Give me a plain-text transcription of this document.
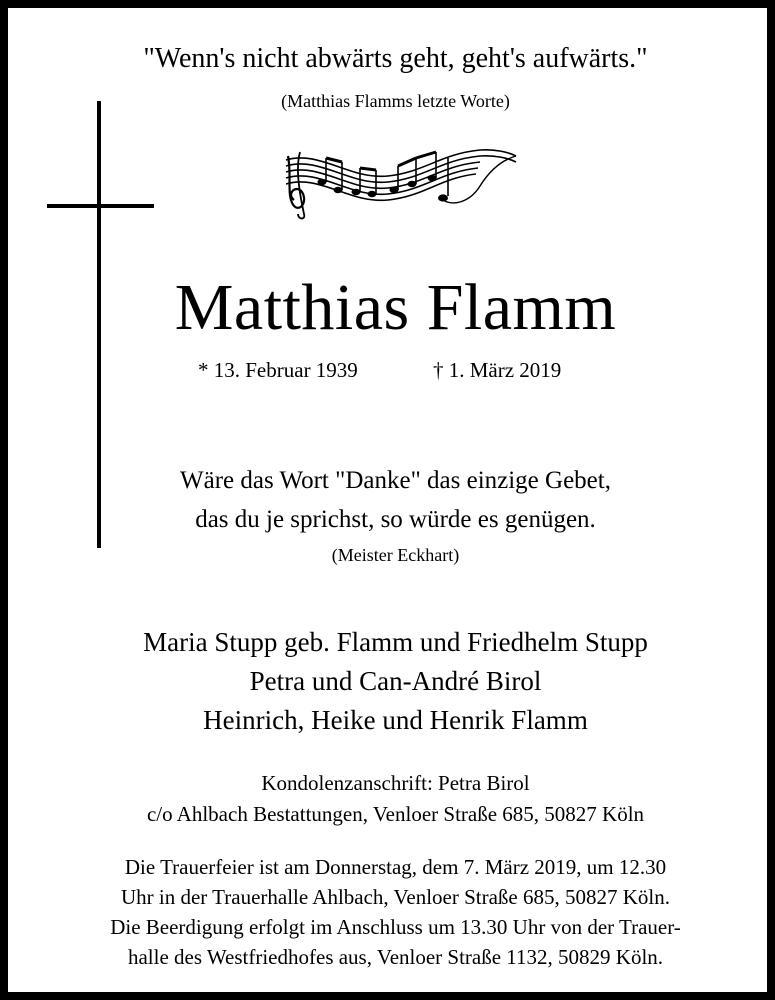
"Wenn's nicht abwärts geht, geht's aufwärts."
(Matthias Flamms letzte Worte)
Matthias Flamm
* 13. Februar 1939	† 1. März 2019
Wäre das Wort "Danke" das einzige Gebet,
das du je sprichst, so würde es genügen.
(Meister Eckhart)
Maria Stupp geb. Flamm und Friedhelm Stupp
Petra und Can-André Birol
Heinrich, Heike und Henrik Flamm
Kondolenzanschrift: Petra Birol
c/o Ahlbach Bestattungen, Venloer Straße 685, 50827 Köln
Die Trauerfeier ist am Donnerstag, dem 7. März 2019, um 12.30
Uhr in der Trauerhalle Ahlbach, Venloer Straße 685, 50827 Köln.
Die Beerdigung erfolgt im Anschluss um 13.30 Uhr von der Trauer-
halle des Westfriedhofes aus, Venloer Straße 1132, 50829 Köln.
